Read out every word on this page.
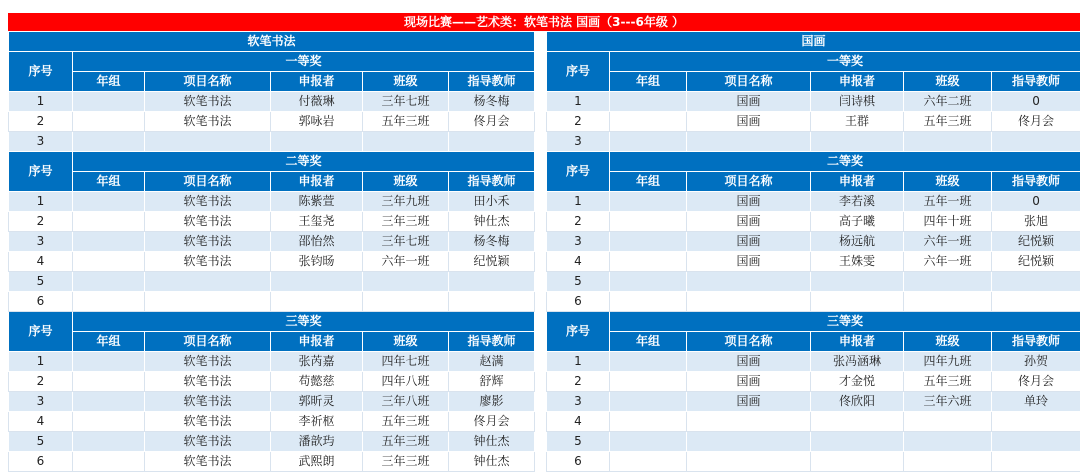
现场比赛——艺术类：软笔书法 国画（3---6年级 ）
软笔书法					
序号	一等奖				
	年组	项目名称	申报者	班级	指导教师
1		软笔书法	付薇琳	三年七班	杨冬梅
2		软笔书法	郭咏岩	五年三班	佟月会
3					
序号	二等奖				
	年组	项目名称	申报者	班级	指导教师
1		软笔书法	陈紫萱	三年九班	田小禾
2		软笔书法	王玺尧	三年三班	钟仕杰
3		软笔书法	邵怡然	三年七班	杨冬梅
4		软笔书法	张钧旸	六年一班	纪悦颖
5					
6					
序号	三等奖				
	年组	项目名称	申报者	班级	指导教师
1		软笔书法	张芮嘉	四年七班	赵满
2		软笔书法	苟懿慈	四年八班	舒辉
3		软笔书法	郭昕灵	三年八班	廖影
4		软笔书法	李祈枢	五年三班	佟月会
5		软笔书法	潘歆玙	五年三班	钟仕杰
6		软笔书法	武熙朗	三年三班	钟仕杰
国画					
序号	一等奖				
	年组	项目名称	申报者	班级	指导教师
1		国画	闫诗棋	六年二班	0
2		国画	王群	五年三班	佟月会
3					
序号	二等奖				
	年组	项目名称	申报者	班级	指导教师
1		国画	李若溪	五年一班	0
2		国画	高子曦	四年十班	张旭
3		国画	杨远航	六年一班	纪悦颖
4		国画	王姝雯	六年一班	纪悦颖
5					
6					
序号	三等奖				
	年组	项目名称	申报者	班级	指导教师
1		国画	张冯涵琳	四年九班	孙贺
2		国画	才金悦	五年三班	佟月会
3		国画	佟欣阳	三年六班	单玲
4					
5					
6					
